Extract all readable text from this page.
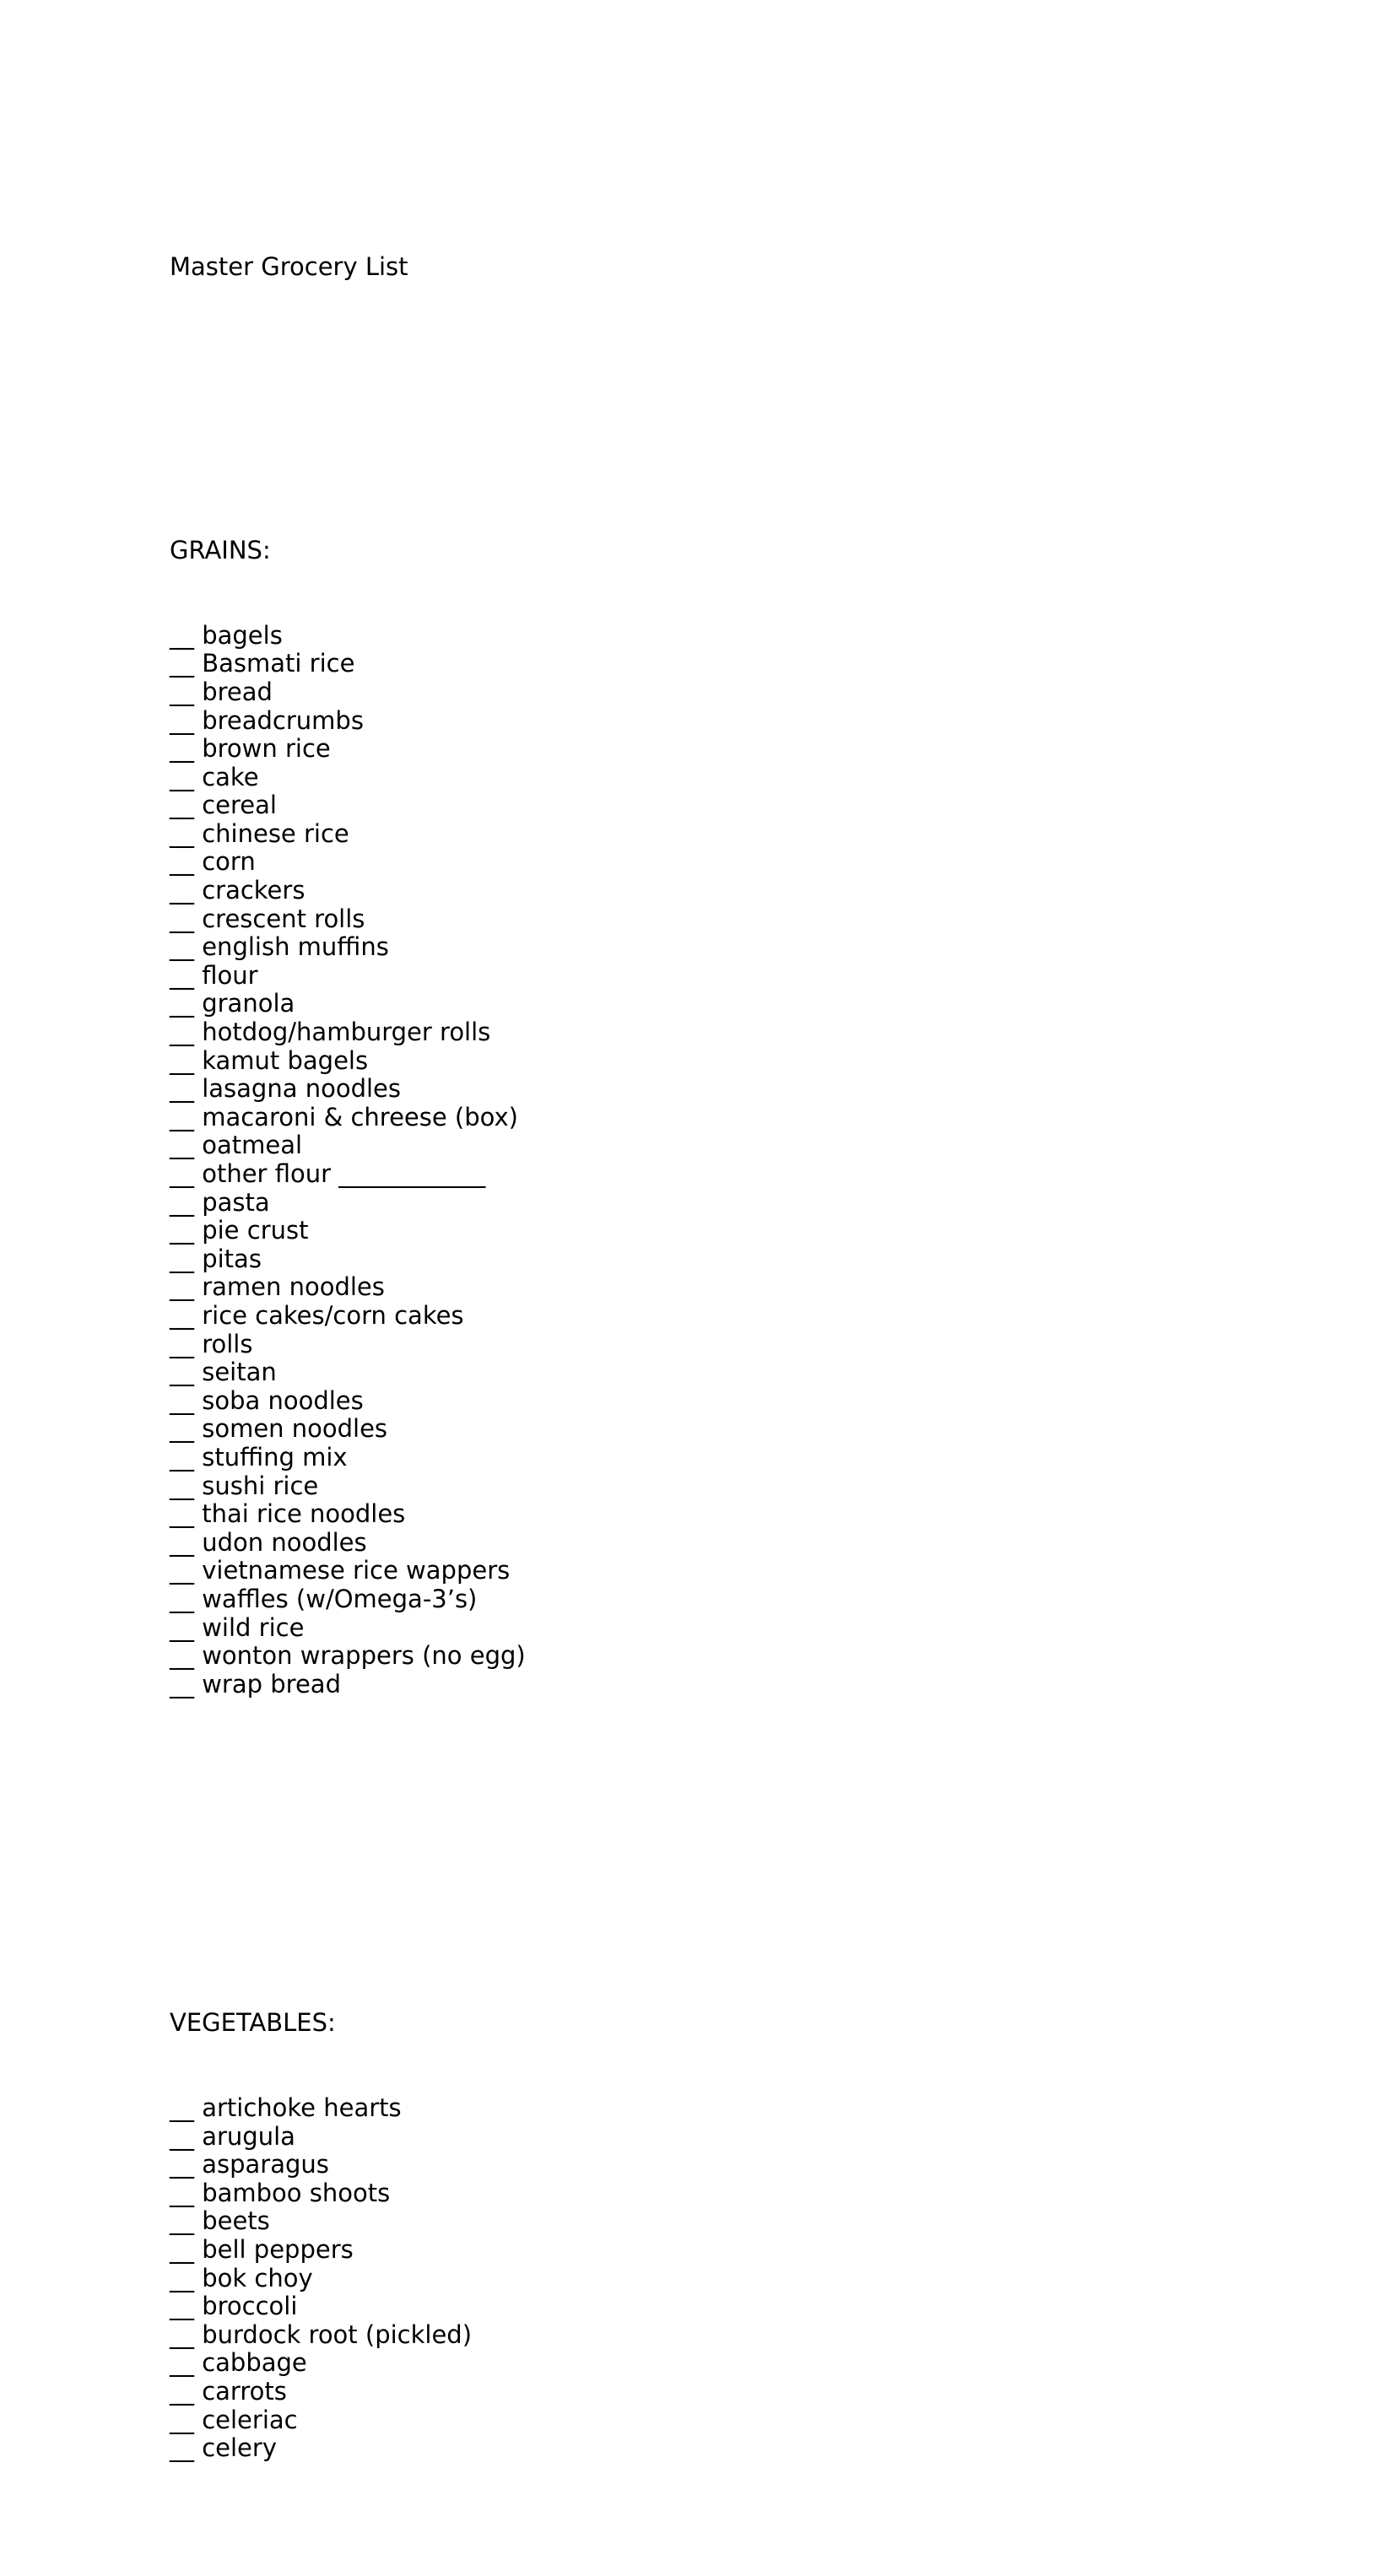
Master Grocery List

GRAINS:

__ bagels
__ Basmati rice
__ bread
__ breadcrumbs
__ brown rice
__ cake
__ cereal
__ chinese rice
__ corn
__ crackers
__ crescent rolls
__ english muffins
__ flour
__ granola
__ hotdog/hamburger rolls
__ kamut bagels
__ lasagna noodles
__ macaroni & chreese (box)
__ oatmeal
__ other flour ____________
__ pasta
__ pie crust
__ pitas
__ ramen noodles
__ rice cakes/corn cakes
__ rolls
__ seitan
__ soba noodles
__ somen noodles
__ stuffing mix
__ sushi rice
__ thai rice noodles
__ udon noodles
__ vietnamese rice wappers
__ waffles (w/Omega-3’s)
__ wild rice
__ wonton wrappers (no egg)
__ wrap bread

VEGETABLES:

__ artichoke hearts
__ arugula
__ asparagus
__ bamboo shoots
__ beets
__ bell peppers
__ bok choy
__ broccoli
__ burdock root (pickled)
__ cabbage
__ carrots
__ celeriac
__ celery
